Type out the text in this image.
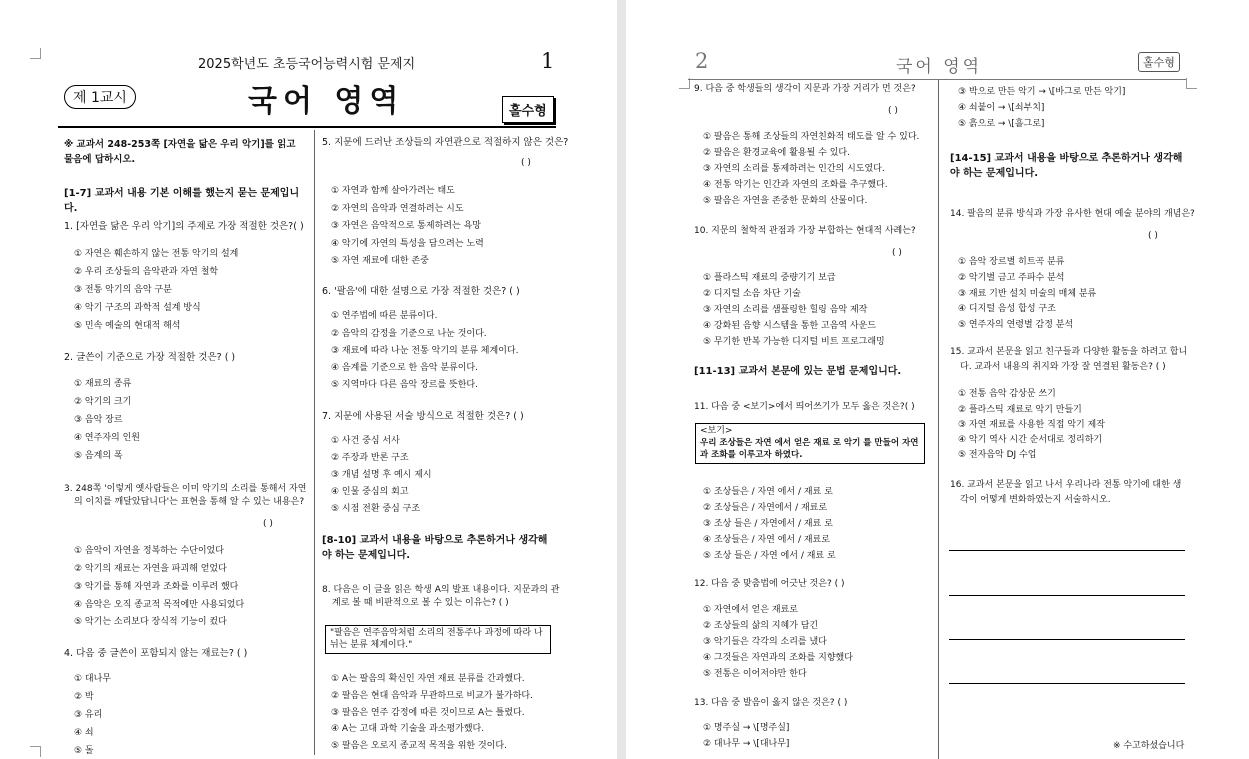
2025학년도 초등국어능력시험 문제지	1
제 1교시	국어 영역	홀수형
※ 교과서 248-253쪽 [자연을 닮은 우리 악기]를 읽고 물음에 답하시오.
[1-7] 교과서 내용 기본 이해를 했는지 묻는 문제입니다.
1. [자연을 닮은 우리 악기]의 주제로 가장 적절한 것은?( )
① 자연은 훼손하지 않는 전통 악기의 설계
② 우리 조상들의 음악관과 자연 철학
③ 전통 악기의 음악 구분
④ 악기 구조의 과학적 설계 방식
⑤ 민속 예술의 현대적 해석
2. 글쓴이 기준으로 가장 적절한 것은? ( )
① 재료의 종류
② 악기의 크기
③ 음악 장르
④ 연주자의 인원
⑤ 음계의 폭
3. 248쪽 '이렇게 옛사람들은 이미 악기의 소리를 통해서 자연
의 이치를 깨달았답니다'는 표현을 통해 알 수 있는 내용은?
( )
① 음악이 자연을 정복하는 수단이었다
② 악기의 재료는 자연을 파괴해 얻었다
③ 악기를 통해 자연과 조화를 이루려 했다
④ 음악은 오직 종교적 목적에만 사용되었다
⑤ 악기는 소리보다 장식적 기능이 컸다
4. 다음 중 글쓴이 포함되지 않는 재료는? ( )
① 대나무
② 박
③ 유리
④ 쇠
⑤ 돌
5. 지문에 드러난 조상들의 자연관으로 적절하지 않은 것은?
( )
① 자연과 함께 살아가려는 태도
② 자연의 음악과 연결하려는 시도
③ 자연은 음악적으로 통제하려는 욕망
④ 악기에 자연의 특성을 담으려는 노력
⑤ 자연 재료에 대한 존중
6. '팔음'에 대한 설명으로 가장 적절한 것은? ( )
① 연주법에 따른 분류이다.
② 음악의 감정을 기준으로 나눈 것이다.
③ 재료에 따라 나눈 전통 악기의 분류 체계이다.
④ 음계를 기준으로 한 음악 분류이다.
⑤ 지역마다 다른 음악 장르를 뜻한다.
7. 지문에 사용된 서술 방식으로 적절한 것은? ( )
① 사건 중심 서사
② 주장과 반론 구조
③ 개념 설명 후 예시 제시
④ 인물 중심의 회고
⑤ 시점 전환 중심 구조
[8-10] 교과서 내용을 바탕으로 추론하거나 생각해야 하는 문제입니다.
8. 다음은 이 글을 읽은 학생 A의 발표 내용이다. 지문과의 관
계로 볼 때 비판적으로 볼 수 있는 이유는? ( )
"팔음은 연주음악처럼 소리의 전통주나 과정에 따라 나뉘는 분류 체계이다."
① A는 팔음의 확신인 자연 재료 분류를 간과했다.
② 팔음은 현대 음악과 무관하므로 비교가 불가하다.
③ 팔음은 연주 감정에 따른 것이므로 A는 틀렸다.
④ A는 고대 과학 기술을 과소평가했다.
⑤ 팔음은 오로지 종교적 목적을 위한 것이다.
2	국어 영역	홀수형
9. 다음 중 학생들의 생각이 지문과 가장 거리가 먼 것은?
( )
① 팔음은 통해 조상들의 자연친화적 태도를 알 수 있다.
② 팔음은 환경교육에 활용될 수 있다.
③ 자연의 소리를 통제하려는 인간의 시도였다.
④ 전통 악기는 인간과 자연의 조화를 추구했다.
⑤ 팔음은 자연을 존중한 문화의 산물이다.
10. 지문의 철학적 관점과 가장 부합하는 현대적 사례는?
( )
① 플라스틱 재료의 중량기기 보급
② 디지털 소음 차단 기술
③ 자연의 소리를 샘플링한 힐링 음악 제작
④ 강화된 음향 시스템을 통한 고음역 사운드
⑤ 무기한 반복 가능한 디지털 비트 프로그래밍
[11-13] 교과서 본문에 있는 문법 문제입니다.
11. 다음 중 <보기>에서 띄어쓰기가 모두 옳은 것은?( )
<보기>
우리 조상들은 자연 에서 얻은 재료 로 악기 를 만들어 자연과 조화를 이루고자 하였다.
① 조상들은 / 자연 에서 / 재료 로
② 조상들은 / 자연에서 / 재료로
③ 조상 들은 / 자연에서 / 재료 로
④ 조상들은 / 자연 에서 / 재료로
⑤ 조상 들은 / 자연 에서 / 재료 로
12. 다음 중 맞춤법에 어긋난 것은? ( )
① 자연에서 얻은 재료로
② 조상들의 삶의 지혜가 담긴
③ 악기들은 각각의 소리를 냈다
④ 그것들은 자연과의 조화를 지향했다
⑤ 전통은 이어저야만 한다
13. 다음 중 발음이 옳지 않은 것은? ( )
① 명주실 → \[명주실]
② 대나무 → \[대나무]
③ 박으로 만든 악기 → \[바그로 만든 악기]
④ 쇠붙이 → \[쇠부치]
⑤ 흙으로 → \[흘그로]
[14-15] 교과서 내용을 바탕으로 추론하거나 생각해야 하는 문제입니다.
14. 팔음의 분류 방식과 가장 유사한 현대 예술 분야의 개념은?
( )
① 음악 장르별 히트곡 분류
② 악기별 금고 주파수 분석
③ 재료 기반 설치 미술의 매체 분류
④ 디지털 음성 합성 구조
⑤ 연주자의 연령별 감정 분석
15. 교과서 본문을 읽고 친구들과 다양한 활동을 하려고 합니
다. 교과서 내용의 취지와 가장 잘 연결된 활동은? ( )
① 전통 음악 감상문 쓰기
② 플라스틱 재료로 악기 만들기
③ 자연 재료를 사용한 직접 악기 제작
④ 악기 역사 시간 순서대로 정리하기
⑤ 전자음악 DJ 수업
16. 교과서 본문을 읽고 나서 우리나라 전통 악기에 대한 생
각이 어떻게 변화하였는지 서술하시오.
※ 수고하셨습니다
